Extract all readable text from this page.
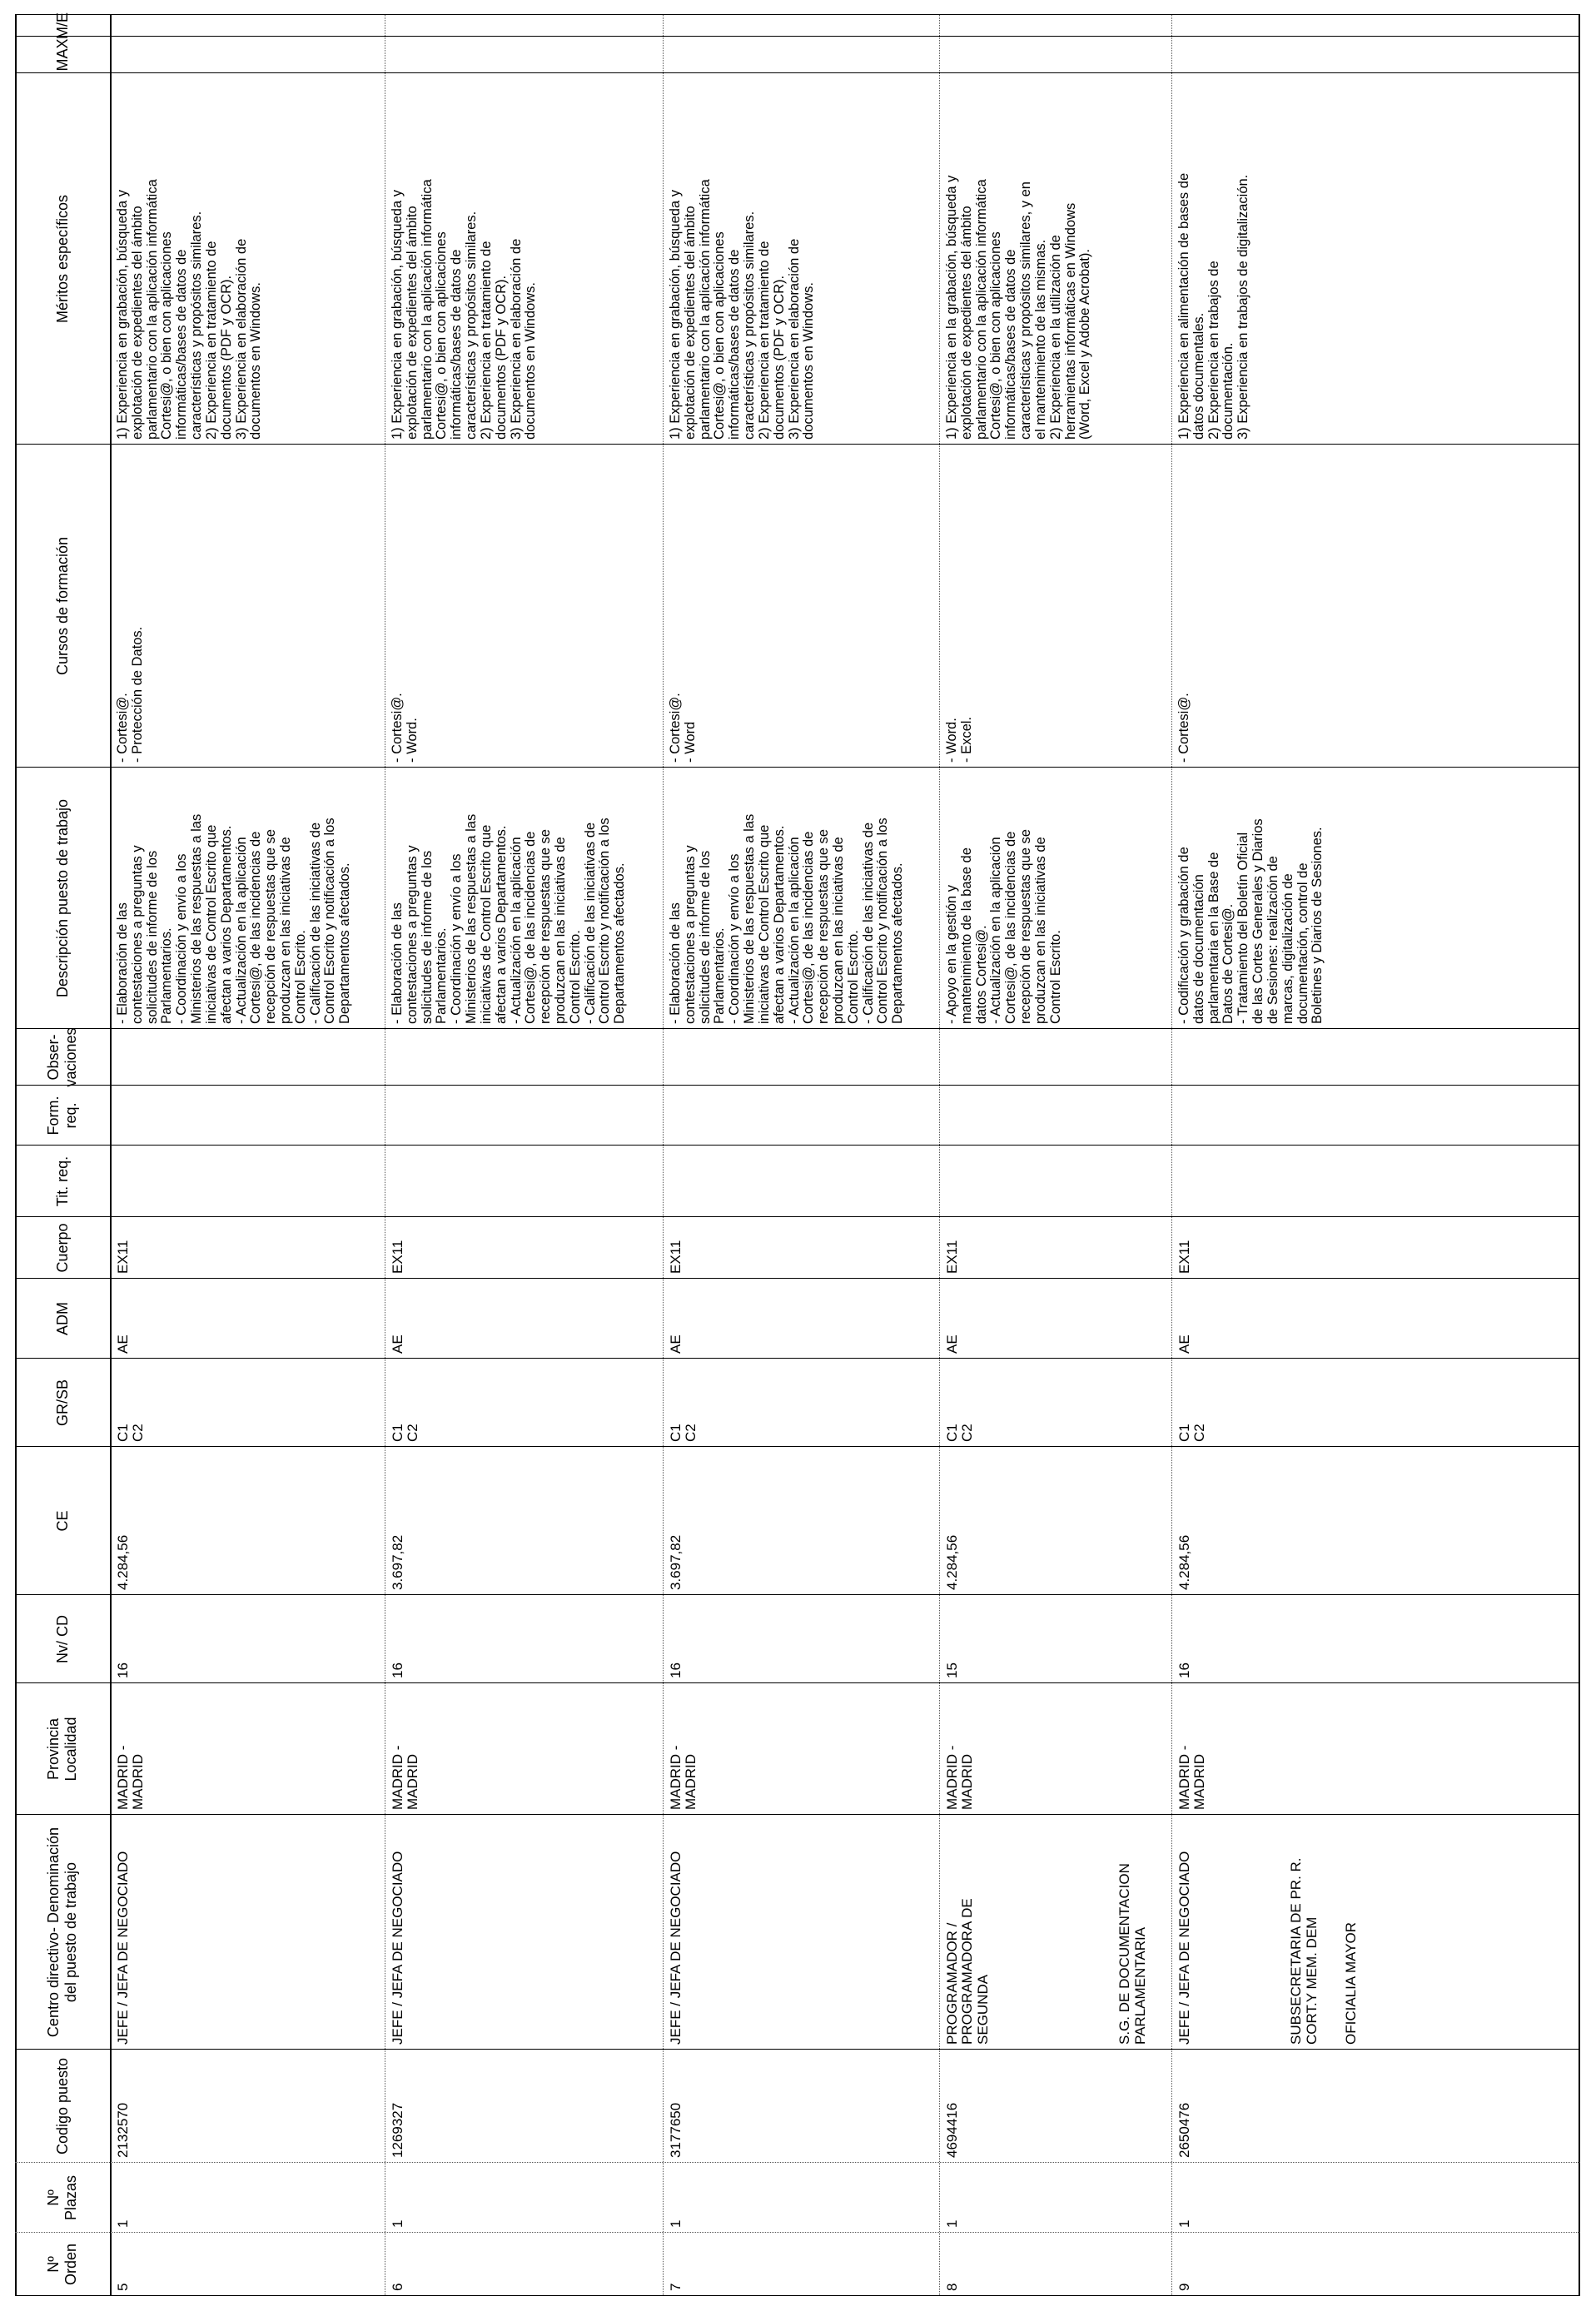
Nº Orden
Nº Plazas
Codigo puesto
Centro directivo- Denominación del puesto de trabajo
Provincia Localidad
Nv/ CD
CE
GR/SB
ADM
Cuerpo
Tit. req.
Form. req.
Obser- vaciones
Descripción puesto de trabajo
Cursos de formación
Méritos específicos
MAX
M/E
5
1
2132570
JEFE / JEFA DE NEGOCIADO
MADRID -
MADRID
16
4.284,56
C1
C2
AE
EX11
- Elaboración de las
contestaciones a preguntas y
solicitudes de informe de los
Parlamentarios.
- Coordinación y envío a los
Ministerios de las respuestas a las
iniciativas de Control Escrito que
afectan a varios Departamentos.
- Actualización en la aplicación
Cortesi@, de las incidencias de
recepción de respuestas que se
produzcan en las iniciativas de
Control Escrito.
- Calificación de las iniciativas de
Control Escrito y notificación a los
Departamentos afectados.
- Cortesi@.
- Protección de Datos.
1) Experiencia en grabación, búsqueda y
explotación de expedientes del ámbito
parlamentario con la aplicación informática
Cortesi@, o bien con aplicaciones
informáticas/bases de datos de
características y propósitos similares.
2) Experiencia en tratamiento de
documentos (PDF y OCR).
3) Experiencia en elaboración de
documentos en Windows.
6
1
1269327
JEFE / JEFA DE NEGOCIADO
MADRID -
MADRID
16
3.697,82
C1
C2
AE
EX11
- Elaboración de las
contestaciones a preguntas y
solicitudes de informe de los
Parlamentarios.
- Coordinación y envío a los
Ministerios de las respuestas a las
iniciativas de Control Escrito que
afectan a varios Departamentos.
- Actualización en la aplicación
Cortesi@, de las incidencias de
recepción de respuestas que se
produzcan en las iniciativas de
Control Escrito.
- Calificación de las iniciativas de
Control Escrito y notificación a los
Departamentos afectados.
- Cortesi@.
- Word.
1) Experiencia en grabación, búsqueda y
explotación de expedientes del ámbito
parlamentario con la aplicación informática
Cortesi@, o bien con aplicaciones
informáticas/bases de datos de
características y propósitos similares.
2) Experiencia en tratamiento de
documentos (PDF y OCR).
3) Experiencia en elaboración de
documentos en Windows.
7
1
3177650
JEFE / JEFA DE NEGOCIADO
MADRID -
MADRID
16
3.697,82
C1
C2
AE
EX11
- Elaboración de las
contestaciones a preguntas y
solicitudes de informe de los
Parlamentarios.
- Coordinación y envío a los
Ministerios de las respuestas a las
iniciativas de Control Escrito que
afectan a varios Departamentos.
- Actualización en la aplicación
Cortesi@, de las incidencias de
recepción de respuestas que se
produzcan en las iniciativas de
Control Escrito.
- Calificación de las iniciativas de
Control Escrito y notificación a los
Departamentos afectados.
- Cortesi@.
- Word
1) Experiencia en grabación, búsqueda y
explotación de expedientes del ámbito
parlamentario con la aplicación informática
Cortesi@, o bien con aplicaciones
informáticas/bases de datos de
características y propósitos similares.
2) Experiencia en tratamiento de
documentos (PDF y OCR).
3) Experiencia en elaboración de
documentos en Windows.
8
1
4694416
PROGRAMADOR /
PROGRAMADORA DE
SEGUNDA
MADRID -
MADRID
15
4.284,56
C1
C2
AE
EX11
- Apoyo en la gestión y
mantenimiento de la base de
datos Cortesi@.
- Actualización en la aplicación
Cortesi@, de las incidencias de
recepción de respuestas que se
produzcan en las iniciativas de
Control Escrito.
- Word.
- Excel.
1) Experiencia en la grabación, búsqueda y
explotación de expedientes del ámbito
parlamentario con la aplicación informática
Cortesi@, o bien con aplicaciones
informáticas/bases de datos de
características y propósitos similares, y en
el mantenimiento de las mismas.
2) Experiencia en la utilización de
herramientas informáticas en Windows
(Word, Excel y Adobe Acrobat).
9
1
2650476
JEFE / JEFA DE NEGOCIADO
MADRID -
MADRID
16
4.284,56
C1
C2
AE
EX11
- Codificación y grabación de
datos de documentación
parlamentaria en la Base de
Datos de Cortesi@.
- Tratamiento del Boletín Oficial
de las Cortes Generales y Diarios
de Sesiones: realización de
marcas, digitalización de
documentación, control de
Boletines y Diarios de Sesiones.
- Cortesi@.
1) Experiencia en alimentación de bases de
datos documentales.
2) Experiencia en trabajos de
documentación.
3) Experiencia en trabajos de digitalización.
S.G. DE DOCUMENTACION
PARLAMENTARIA	SUBSECRETARIA DE PR. R.
CORT.Y MEM. DEM OFICIALIA MAYOR
